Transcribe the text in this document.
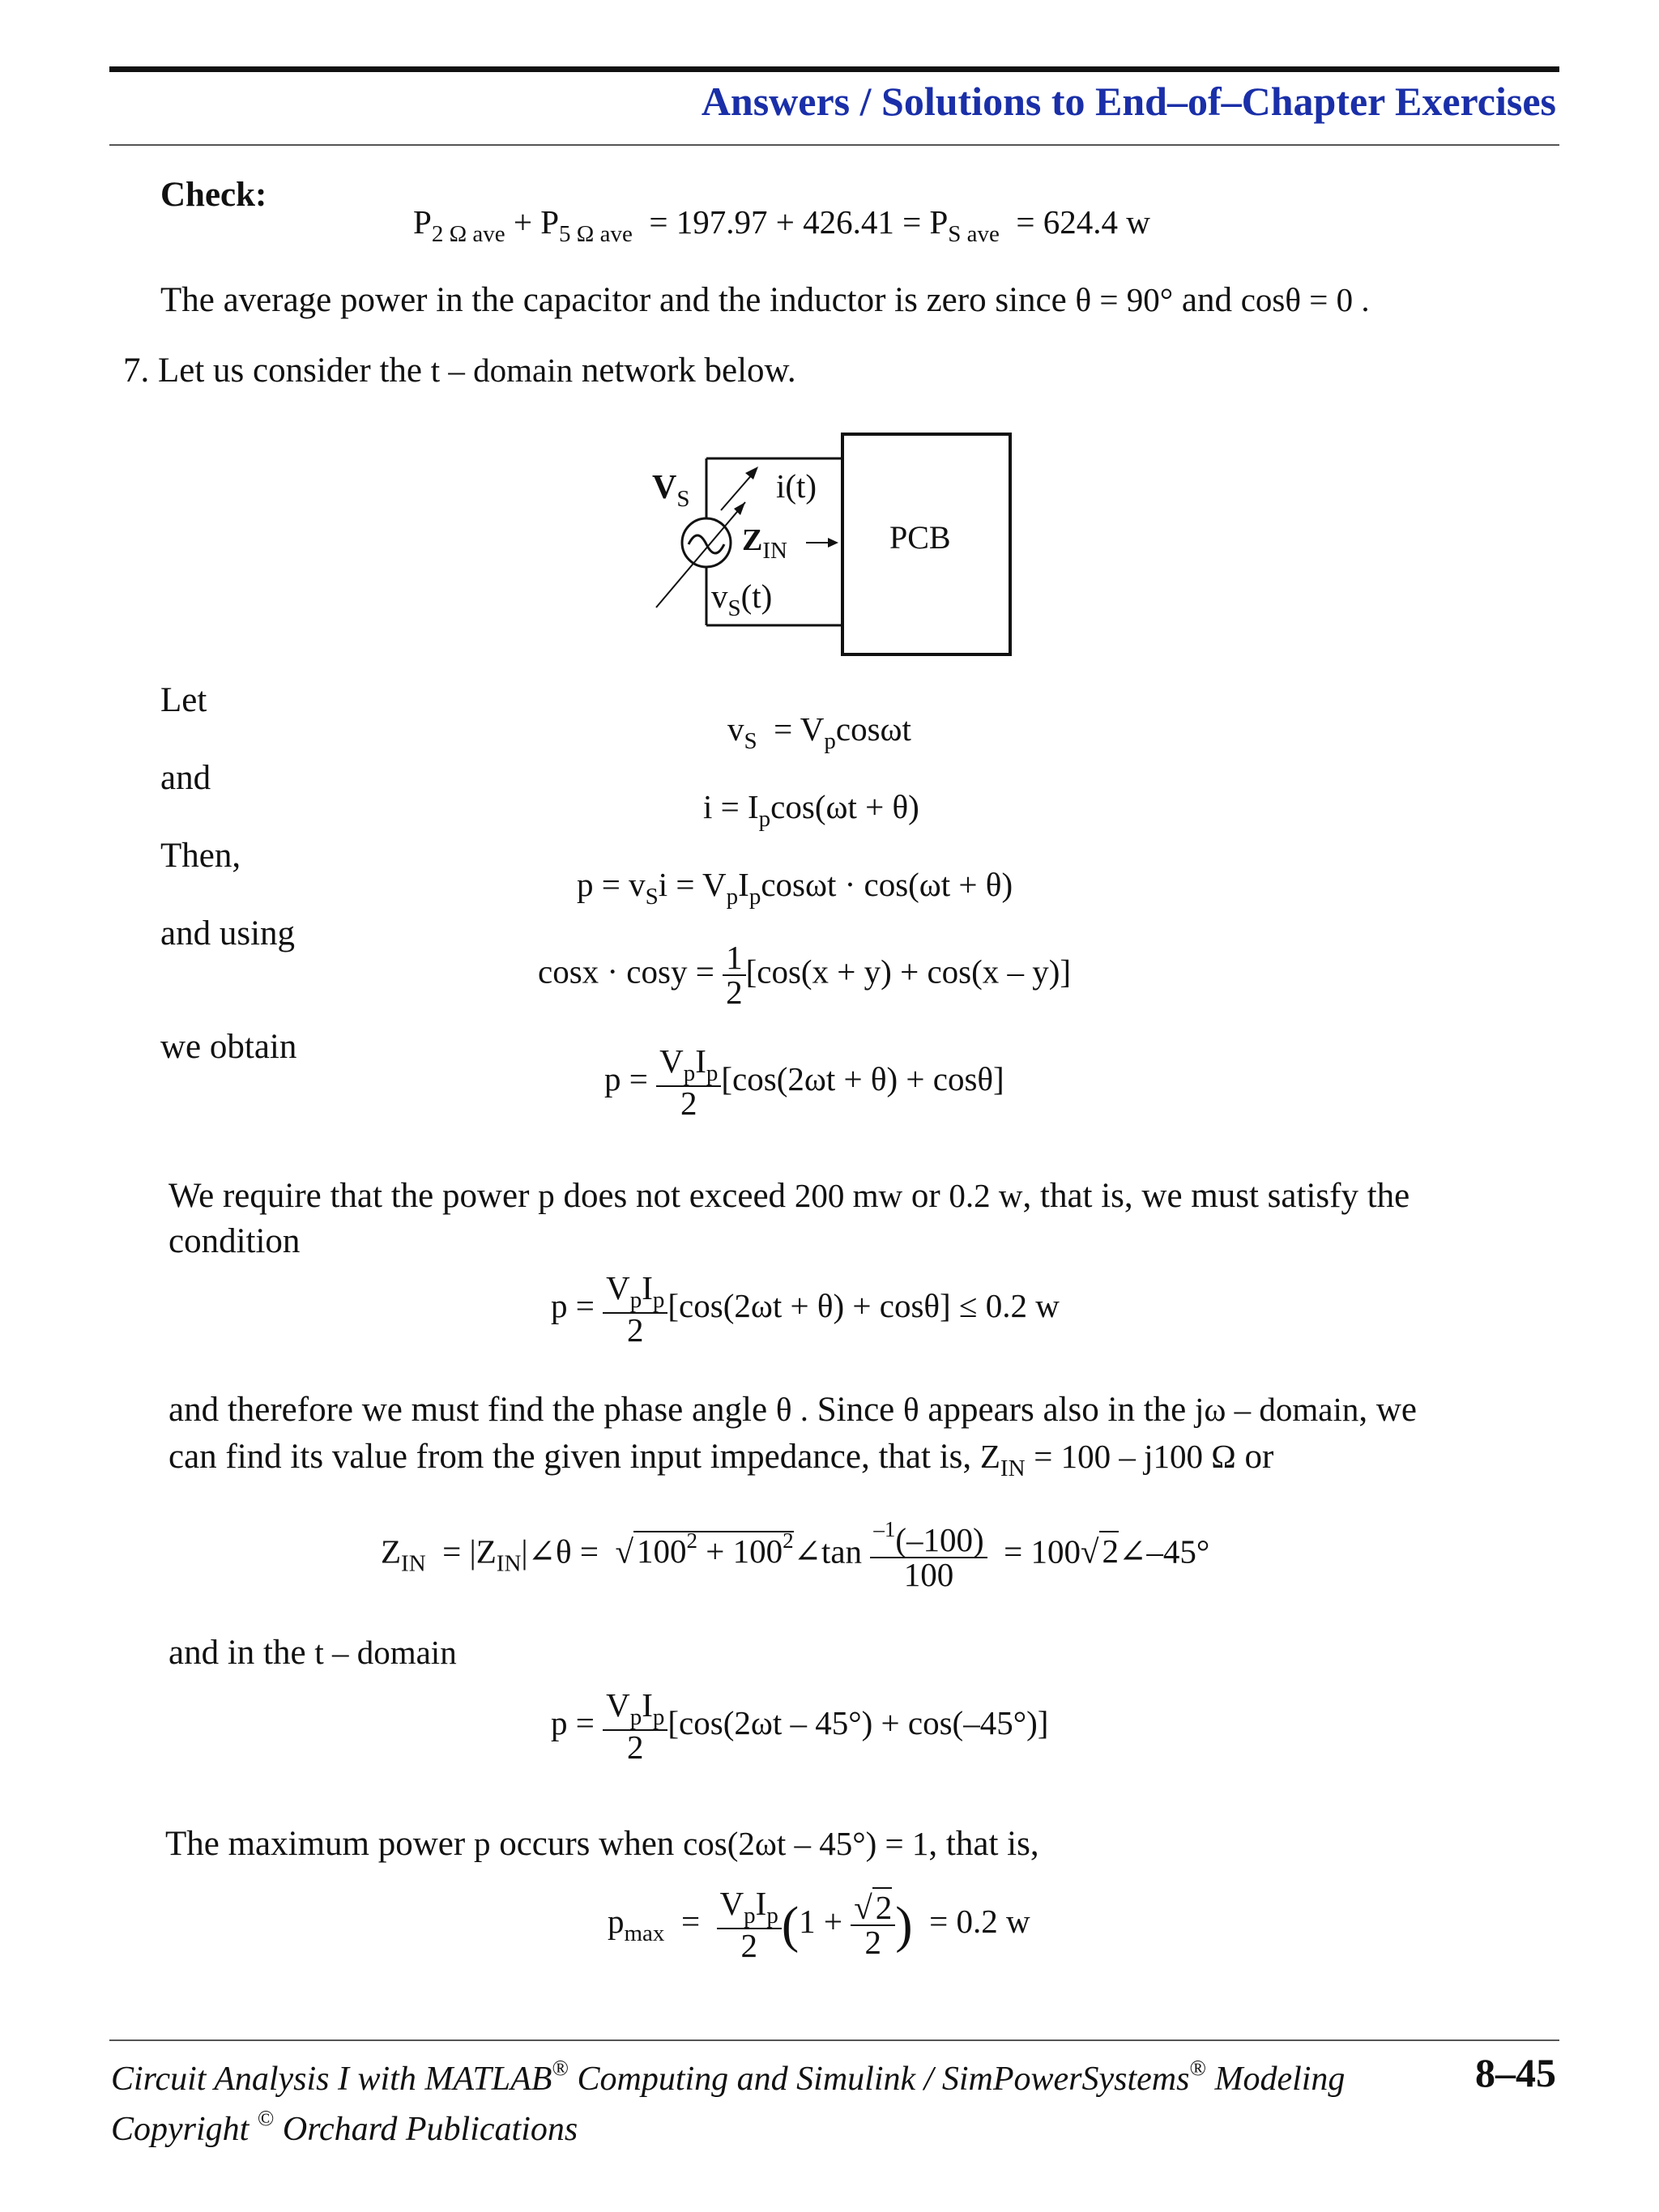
Answers / Solutions to End–of–Chapter Exercises
Check:
$P_{2 \Omega ave} + P_{5 \Omega ave} = 197.97 + 426.41 = P_{S ave} = 624.4$ w
The average power in the capacitor and the inductor is zero since θ = 90° and cosθ = 0 .
7. Let us consider the t – domain network below.
$V_S$	i(t)
$Z_{IN}$
$v_S(t)$
PCB
Let
and
Then,
and using
we obtain
$v_S = V_p\cos\omega t$
$i = I_p\cos(\omega t + \theta)$
$p = v_Si = V_pI_p\cos\omega t \cdot \cos(\omega t + \theta)$
$\cos x \cdot \cos y = \frac{1}{2} [\cos(x + y) + \cos(x - y)]$
$p = \frac{V_pI_p}{2} [\cos(2\omega t + \theta) + \cos\theta]$
We require that the power p does not exceed 200 mw or 0.2 w, that is, we must satisfy the
condition
$p = \frac{V_pI_p}{2} [\cos(2\omega t + \theta) + \cos\theta] \le 0.2$ w
and therefore we must find the phase angle θ . Since θ appears also in the jω – domain, we
can find its value from the given input impedance, that is, $Z_{IN} = 100 - j100$ Ω or
$Z_{IN}$ = $|Z_{IN}|\angle\theta = √100^2$ + $100^2\angle\tan \frac{^{-1}(-100)}{100}$ = 100√2∠–45°
and in the t – domain
$p = \frac{V_pI_p}{2} [\cos(2\omega t - 45^\circ) + \cos(-45^\circ)]$
The maximum power p occurs when cos(2ωt – 45°) = 1, that is,
$p_{max} = \frac{V_pI_p}{2} (1 + \frac{√2}{2}$ ) = 0.2 w
Circuit Analysis I with MATLAB® Computing and Simulink / SimPowerSystems® Modeling	8–45
Copyright © Orchard Publications
